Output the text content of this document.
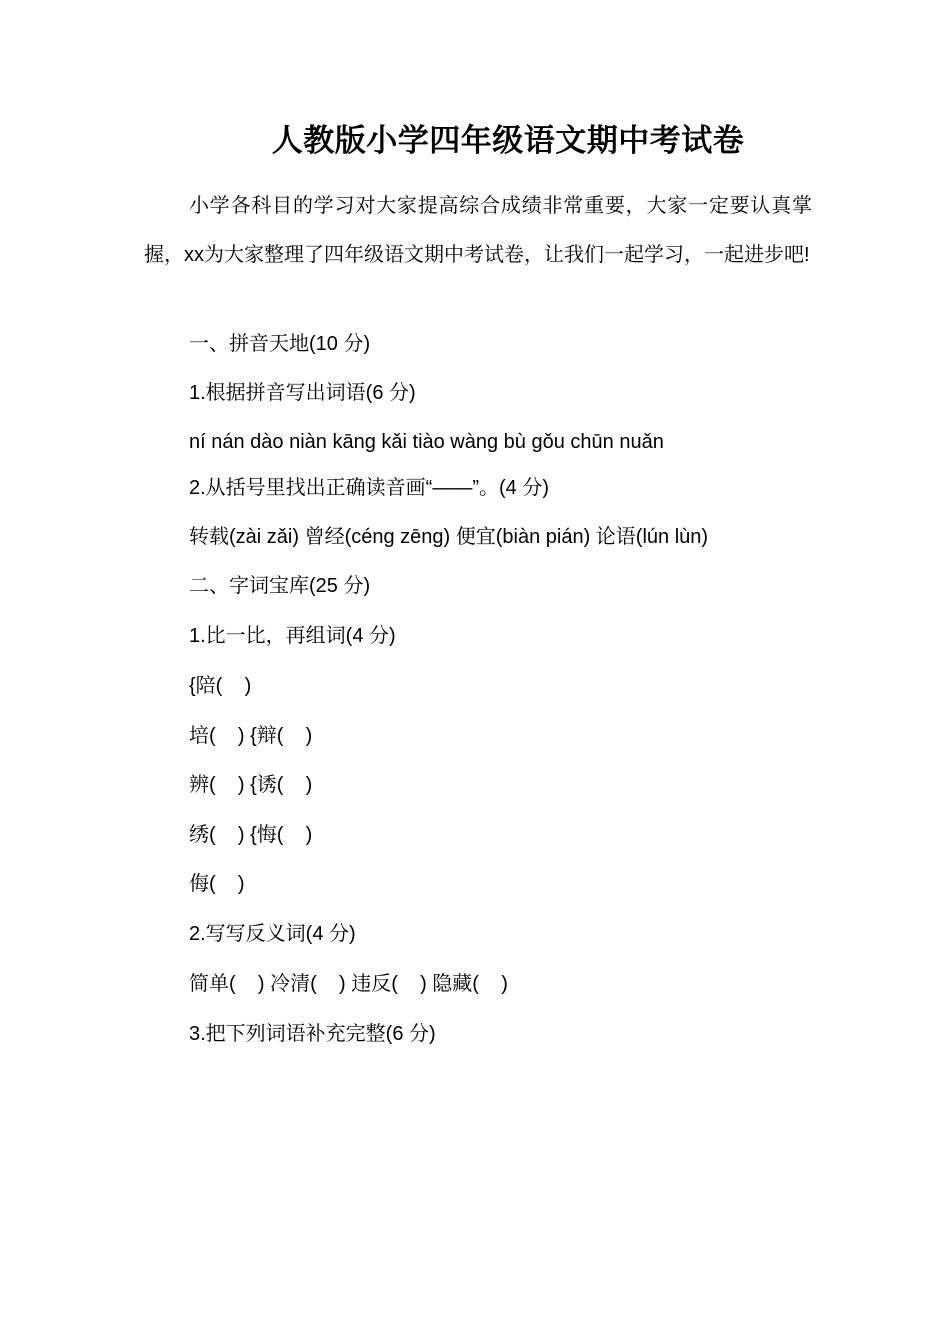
人教版小学四年级语文期中考试卷

小学各科目的学习对大家提高综合成绩非常重要，大家一定要认真掌握，xx为大家整理了四年级语文期中考试卷，让我们一起学习，一起进步吧!

一、拼音天地(10 分)

1.根据拼音写出词语(6 分)

ní nán dào niàn kāng kǎi tiào wàng bù gǒu chūn nuǎn

2.从括号里找出正确读音画“——”。(4 分)

转载(zài zǎi) 曾经(céng zēng) 便宜(biàn pián) 论语(lún lùn)

二、字词宝库(25 分)

1.比一比，再组词(4 分)

{陪(    )

培(    ) {辩(    )

辨(    ) {诱(    )

绣(    ) {悔(    )

侮(    )

2.写写反义词(4 分)

简单(    ) 冷清(    ) 违反(    ) 隐藏(    )

3.把下列词语补充完整(6 分)
